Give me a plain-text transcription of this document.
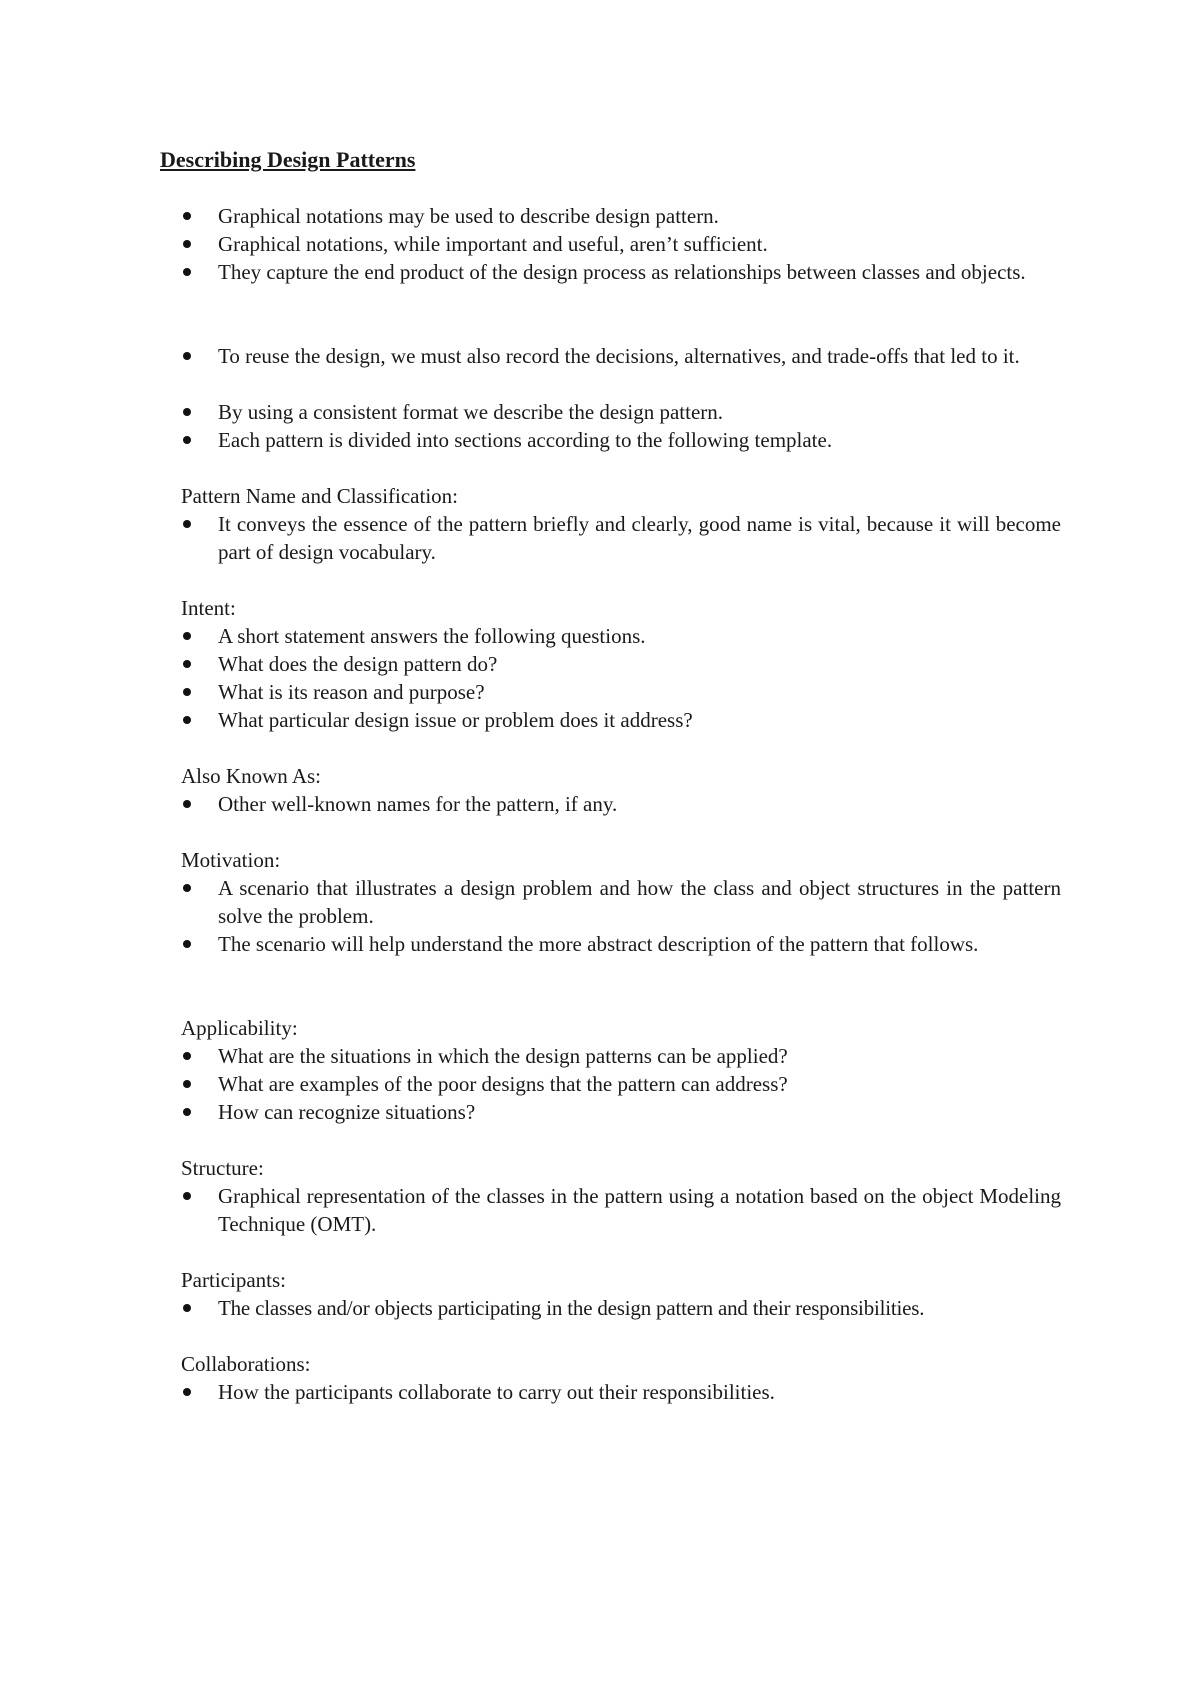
Describing Design Patterns
Graphical notations may be used to describe design pattern.
Graphical notations, while important and useful, aren’t sufficient.
They capture the end product of the design process as relationships between classes and objects.
To reuse the design, we must also record the decisions, alternatives, and trade-offs that led to it.
By using a consistent format we describe the design pattern.
Each pattern is divided into sections according to the following template.
Pattern Name and Classification:
It conveys the essence of the pattern briefly and clearly, good name is vital, because it will become part of design vocabulary.
Intent:
A short statement answers the following questions.
What does the design pattern do?
What is its reason and purpose?
What particular design issue or problem does it address?
Also Known As:
Other well-known names for the pattern, if any.
Motivation:
A scenario that illustrates a design problem and how the class and object structures in the pattern solve the problem.
The scenario will help understand the more abstract description of the pattern that follows.
Applicability:
What are the situations in which the design patterns can be applied?
What are examples of the poor designs that the pattern can address?
How can recognize situations?
Structure:
Graphical representation of the classes in the pattern using a notation based on the object Modeling Technique (OMT).
Participants:
The classes and/or objects participating in the design pattern and their responsibilities.
Collaborations:
How the participants collaborate to carry out their responsibilities.
